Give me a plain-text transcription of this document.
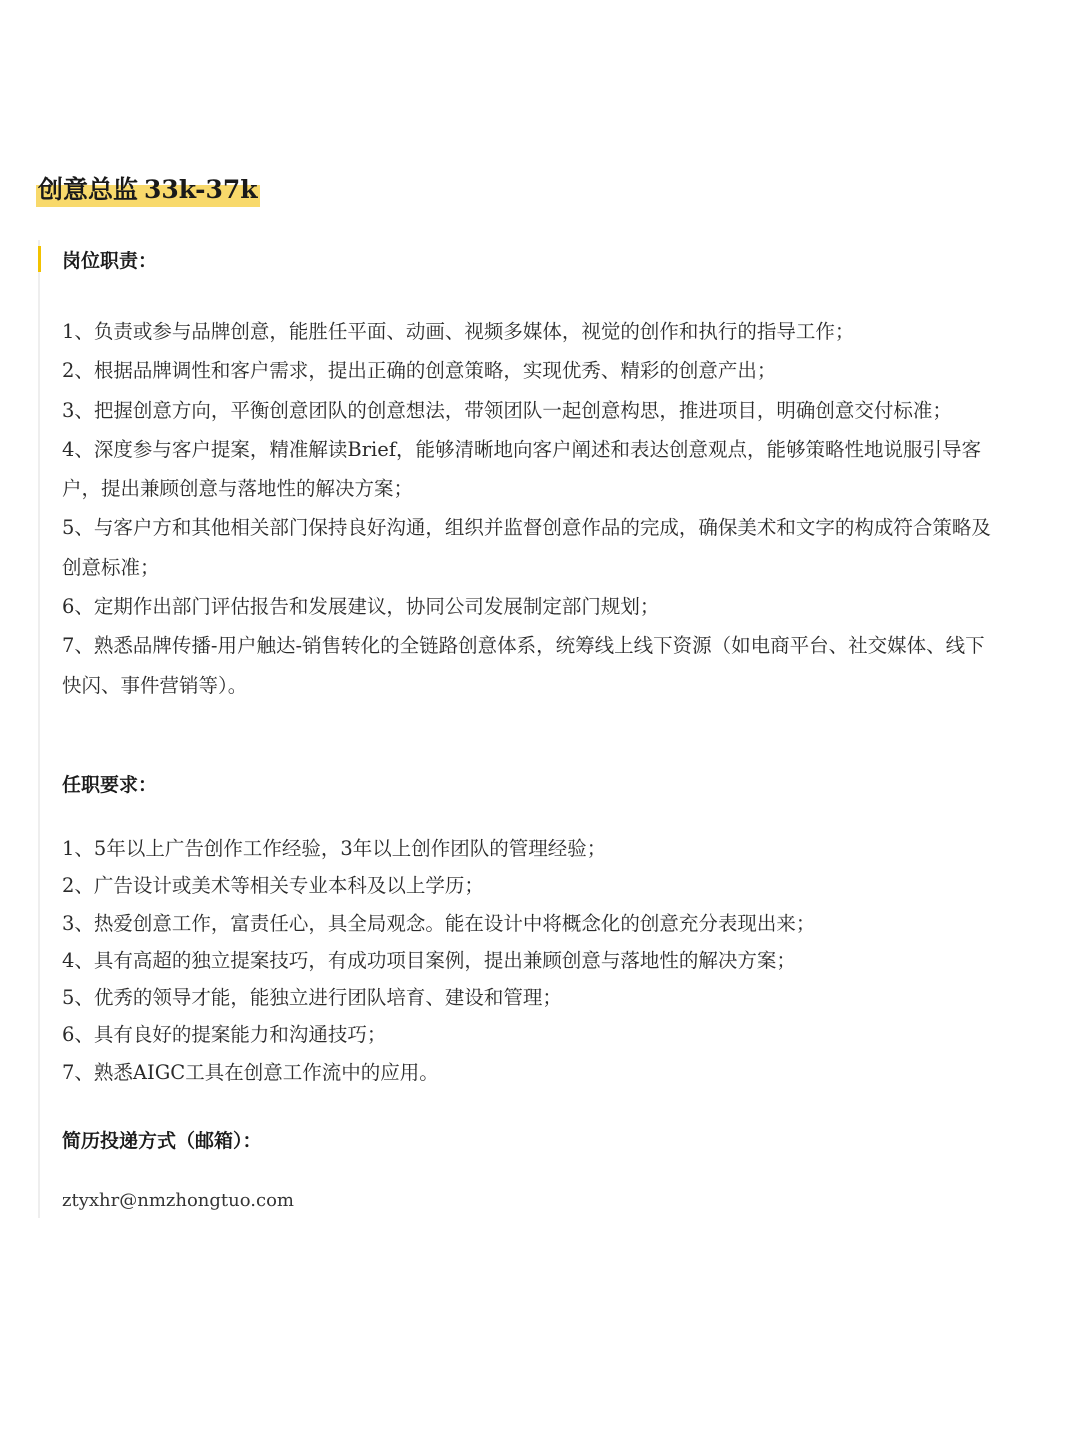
创意总监 33k-37k
岗位职责：
1、负责或参与品牌创意，能胜任平面、动画、视频多媒体，视觉的创作和执行的指导工作；
2、根据品牌调性和客户需求，提出正确的创意策略，实现优秀、精彩的创意产出；
3、把握创意方向，平衡创意团队的创意想法，带领团队一起创意构思，推进项目，明确创意交付标准；
4、深度参与客户提案，精准解读Brief，能够清晰地向客户阐述和表达创意观点，能够策略性地说服引导客户，提出兼顾创意与落地性的解决方案；
5、与客户方和其他相关部门保持良好沟通，组织并监督创意作品的完成，确保美术和文字的构成符合策略及创意标准；
6、定期作出部门评估报告和发展建议，协同公司发展制定部门规划；
7、熟悉品牌传播-用户触达-销售转化的全链路创意体系，统筹线上线下资源（如电商平台、社交媒体、线下快闪、事件营销等）。
任职要求：
1、5年以上广告创作工作经验，3年以上创作团队的管理经验；
2、广告设计或美术等相关专业本科及以上学历；
3、热爱创意工作，富责任心，具全局观念。能在设计中将概念化的创意充分表现出来；
4、具有高超的独立提案技巧，有成功项目案例，提出兼顾创意与落地性的解决方案；
5、优秀的领导才能，能独立进行团队培育、建设和管理；
6、具有良好的提案能力和沟通技巧；
7、熟悉AIGC工具在创意工作流中的应用。
简历投递方式（邮箱）：
ztyxhr@nmzhongtuo.com
